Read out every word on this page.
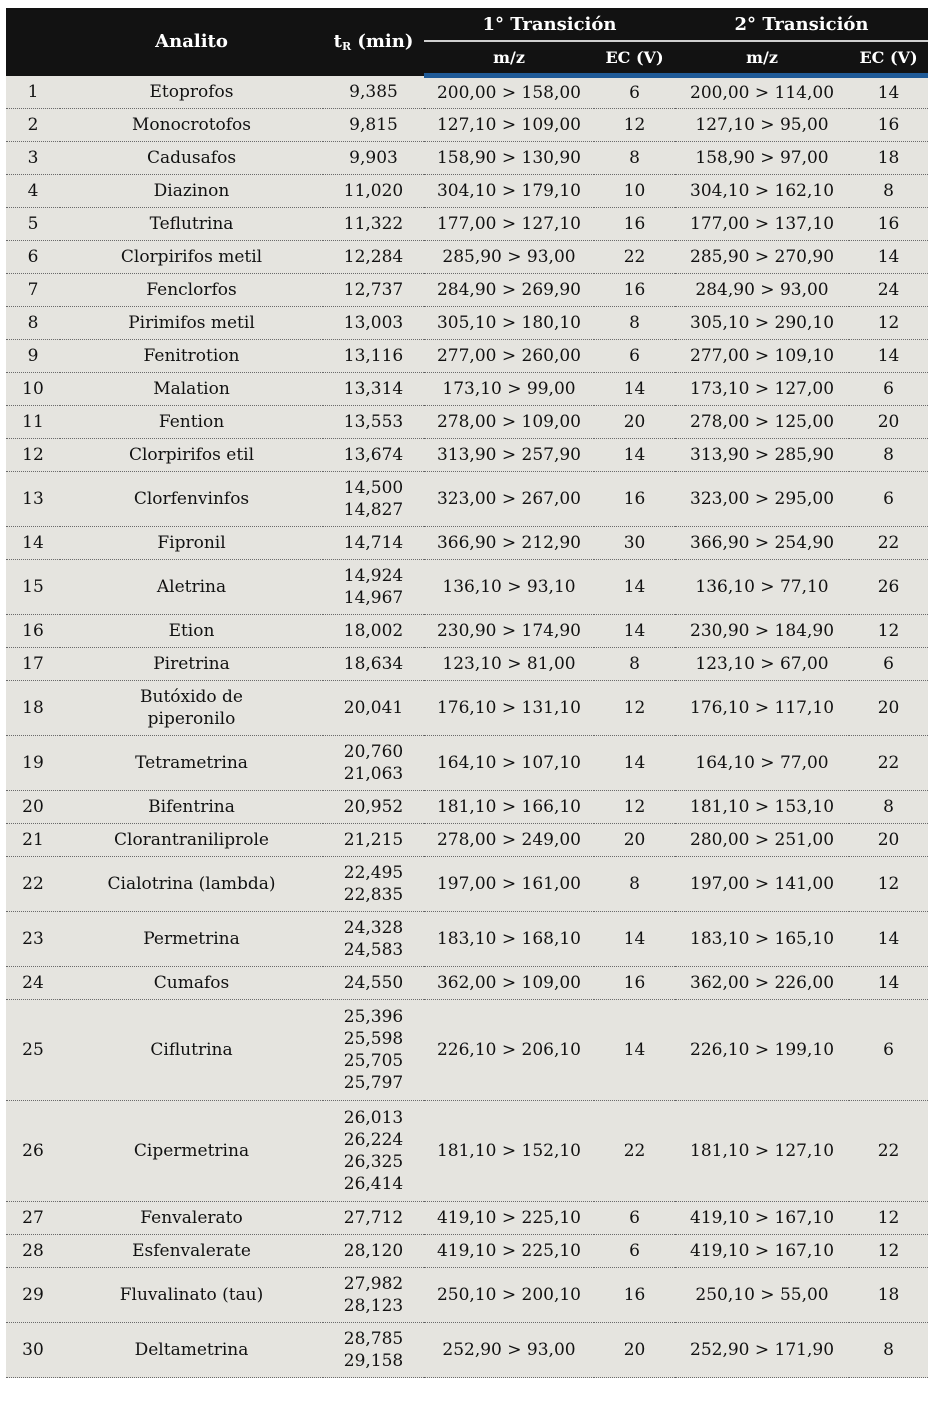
	Analito	$t_R$ (min)	1° Transición		2° Transición	
			m/z	EC (V)	m/z	EC (V)
1	Etoprofos	9,385	200,00 > 158,00	6	200,00 > 114,00	14
2	Monocrotofos	9,815	127,10 > 109,00	12	127,10 > 95,00	16
3	Cadusafos	9,903	158,90 > 130,90	8	158,90 > 97,00	18
4	Diazinon	11,020	304,10 > 179,10	10	304,10 > 162,10	8
5	Teflutrina	11,322	177,00 > 127,10	16	177,00 > 137,10	16
6	Clorpirifos metil	12,284	285,90 > 93,00	22	285,90 > 270,90	14
7	Fenclorfos	12,737	284,90 > 269,90	16	284,90 > 93,00	24
8	Pirimifos metil	13,003	305,10 > 180,10	8	305,10 > 290,10	12
9	Fenitrotion	13,116	277,00 > 260,00	6	277,00 > 109,10	14
10	Malation	13,314	173,10 > 99,00	14	173,10 > 127,00	6
11	Fention	13,553	278,00 > 109,00	20	278,00 > 125,00	20
12	Clorpirifos etil	13,674	313,90 > 257,90	14	313,90 > 285,90	8
13	Clorfenvinfos	14,500
14,827	323,00 > 267,00	16	323,00 > 295,00	6
14	Fipronil	14,714	366,90 > 212,90	30	366,90 > 254,90	22
15	Aletrina	14,924
14,967	136,10 > 93,10	14	136,10 > 77,10	26
16	Etion	18,002	230,90 > 174,90	14	230,90 > 184,90	12
17	Piretrina	18,634	123,10 > 81,00	8	123,10 > 67,00	6
18	Butóxido de
piperonilo	20,041	176,10 > 131,10	12	176,10 > 117,10	20
19	Tetrametrina	20,760
21,063	164,10 > 107,10	14	164,10 > 77,00	22
20	Bifentrina	20,952	181,10 > 166,10	12	181,10 > 153,10	8
21	Clorantraniliprole	21,215	278,00 > 249,00	20	280,00 > 251,00	20
22	Cialotrina (lambda)	22,495
22,835	197,00 > 161,00	8	197,00 > 141,00	12
23	Permetrina	24,328
24,583	183,10 > 168,10	14	183,10 > 165,10	14
24	Cumafos	24,550	362,00 > 109,00	16	362,00 > 226,00	14
25	Ciflutrina	25,396
25,598
25,705
25,797	226,10 > 206,10	14	226,10 > 199,10	6
26	Cipermetrina	26,013
26,224
26,325
26,414	181,10 > 152,10	22	181,10 > 127,10	22
27	Fenvalerato	27,712	419,10 > 225,10	6	419,10 > 167,10	12
28	Esfenvalerate	28,120	419,10 > 225,10	6	419,10 > 167,10	12
29	Fluvalinato (tau)	27,982
28,123	250,10 > 200,10	16	250,10 > 55,00	18
30	Deltametrina	28,785
29,158	252,90 > 93,00	20	252,90 > 171,90	8
